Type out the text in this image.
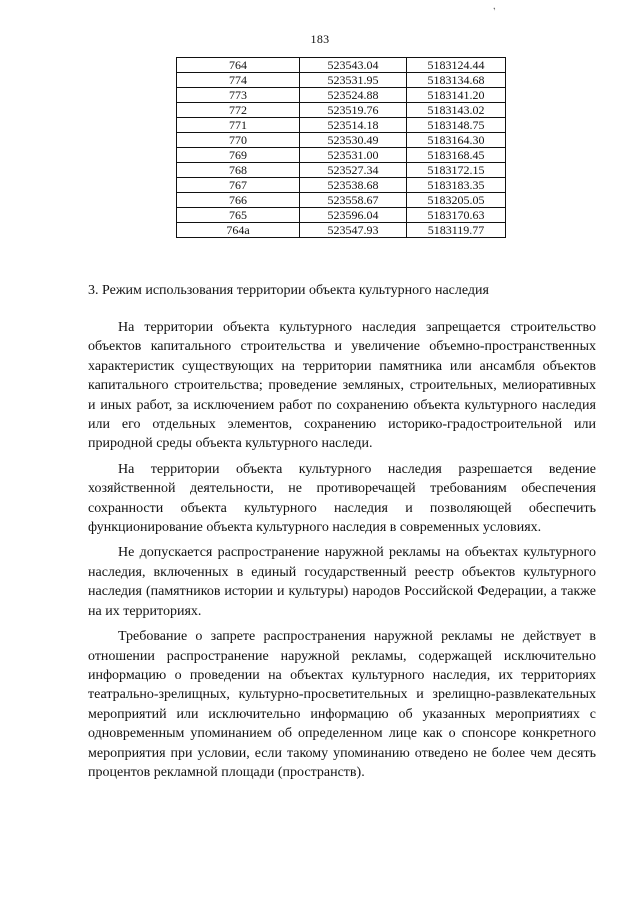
ʼ
183
764	523543.04	5183124.44
774	523531.95	5183134.68
773	523524.88	5183141.20
772	523519.76	5183143.02
771	523514.18	5183148.75
770	523530.49	5183164.30
769	523531.00	5183168.45
768	523527.34	5183172.15
767	523538.68	5183183.35
766	523558.67	5183205.05
765	523596.04	5183170.63
764а	523547.93	5183119.77
3. Режим использования территории объекта культурного наследия

На территории объекта культурного наследия запрещается строительство объектов капитального строительства и увеличение объемно-пространственных характеристик существующих на территории памятника или ансамбля объектов капитального строительства; проведение земляных, строительных, мелиоративных и иных работ, за исключением работ по сохранению объекта культурного наследия или его отдельных элементов, сохранению историко-градостроительной или природной среды объекта культурного наследи.

На территории объекта культурного наследия разрешается ведение хозяйственной деятельности, не противоречащей требованиям обеспечения сохранности объекта культурного наследия и позволяющей обеспечить функционирование объекта культурного наследия в современных условиях.

Не допускается распространение наружной рекламы на объектах культурного наследия, включенных в единый государственный реестр объектов культурного наследия (памятников истории и культуры) народов Российской Федерации, а также на их территориях.

Требование о запрете распространения наружной рекламы не действует в отношении распространение наружной рекламы, содержащей исключительно информацию о проведении на объектах культурного наследия, их территориях театрально-зрелищных, культурно-просветительных и зрелищно-развлекательных мероприятий или исключительно информацию об указанных мероприятиях с одновременным упоминанием об определенном лице как о спонсоре конкретного мероприятия при условии, если такому упоминанию отведено не более чем десять процентов рекламной площади (пространств).
